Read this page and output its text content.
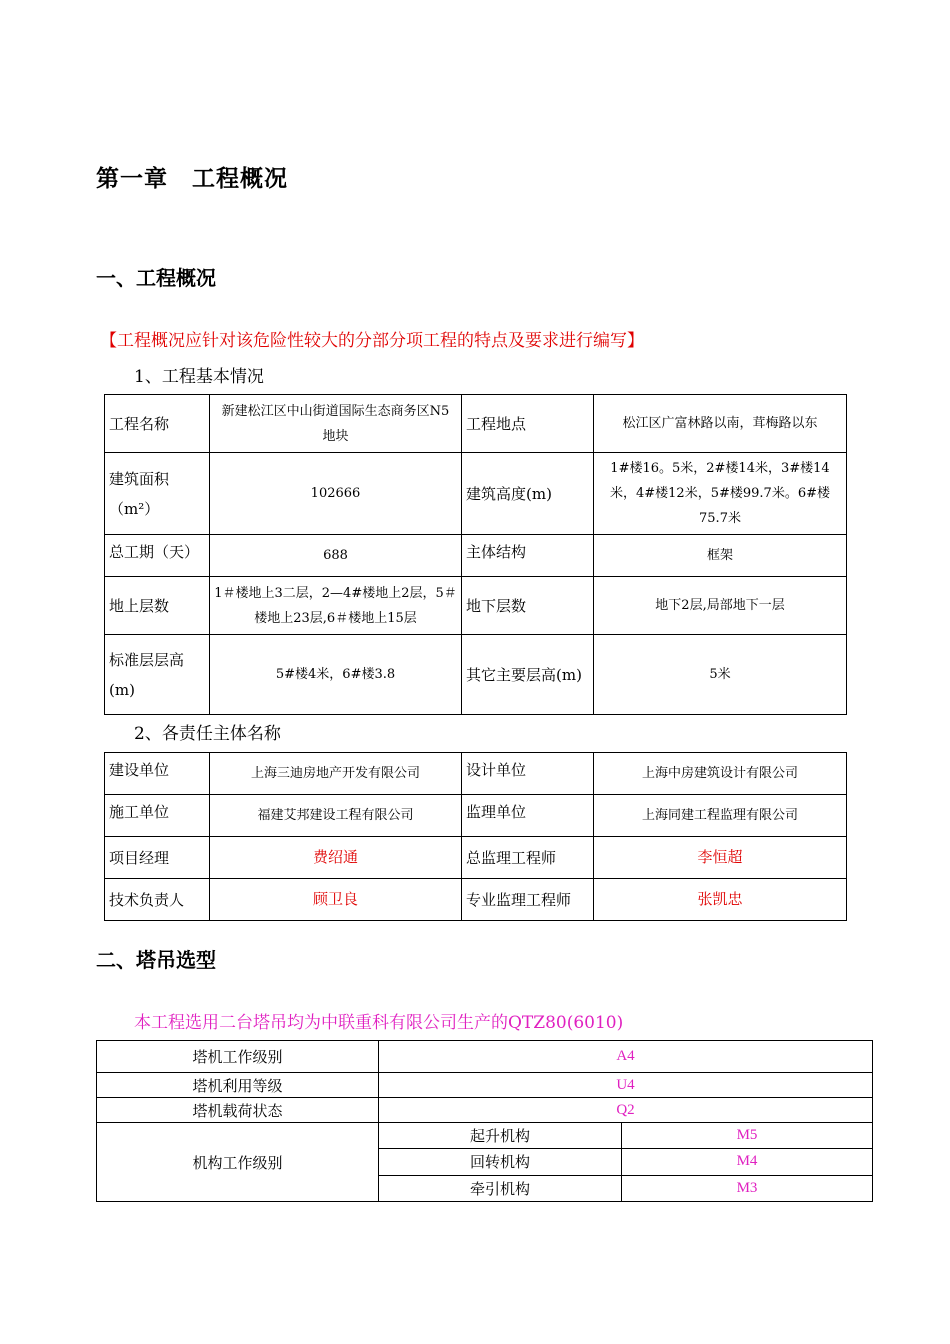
第一章　工程概况
一、工程概况
【工程概况应针对该危险性较大的分部分项工程的特点及要求进行编写】
1、工程基本情况
工程名称	新建松江区中山街道国际生态商务区N5 地块	工程地点	松江区广富林路以南，茸梅路以东
建筑面积（m²）	102666	建筑高度(m)	1#楼16。5米，2#楼14米，3#楼14米，4#楼12米，5#楼99.7米。6#楼75.7米
总工期（天）	688	主体结构	框架
地上层数	1＃楼地上3二层，2—4#楼地上2层，5＃楼地上23层,6＃楼地上15层	地下层数	地下2层,局部地下一层
标准层层高(m)	5#楼4米，6#楼3.8	其它主要层高(m)	5米
2、各责任主体名称
建设单位	上海三迪房地产开发有限公司	设计单位	上海中房建筑设计有限公司
施工单位	福建艾邦建设工程有限公司	监理单位	上海同建工程监理有限公司
项目经理	费绍通	总监理工程师	李恒超
技术负责人	顾卫良	专业监理工程师	张凯忠
二、塔吊选型
本工程选用二台塔吊均为中联重科有限公司生产的QTZ80(6010)
塔机工作级别	A4	
塔机利用等级	U4	
塔机载荷状态	Q2	
机构工作级别	起升机构	M5
	回转机构	M4
	牵引机构	M3
